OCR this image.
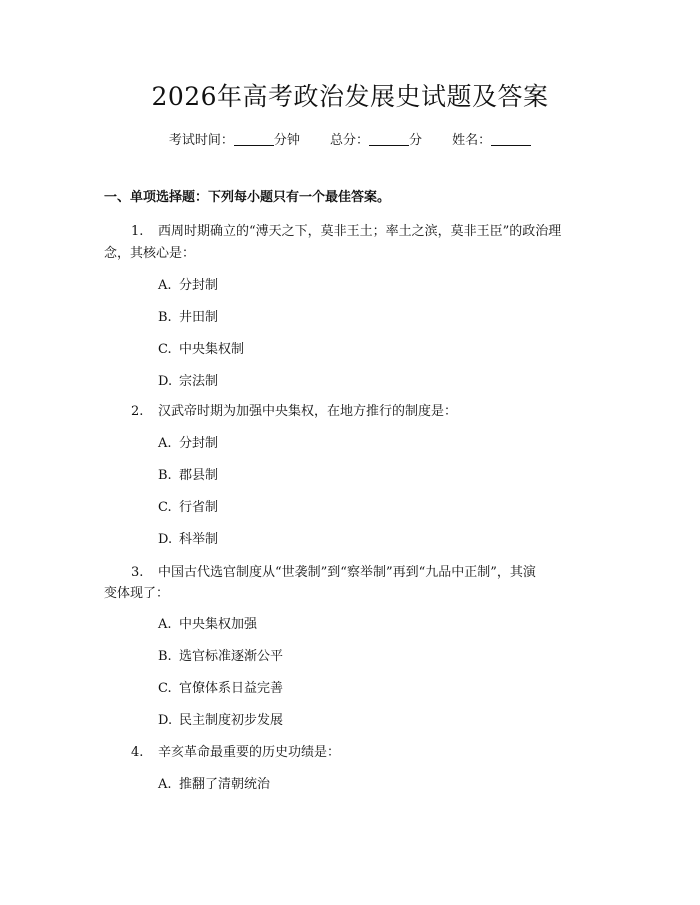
2026年高考政治发展史试题及答案
考试时间：	分钟 总分：	分 姓名：
一、单项选择题：下列每小题只有一个最佳答案。
1. 西周时期确立的“溥天之下，莫非王土；率土之滨，莫非王臣”的政治理
念，其核心是：
A. 分封制
B. 井田制
C. 中央集权制
D. 宗法制
2. 汉武帝时期为加强中央集权，在地方推行的制度是：
A. 分封制
B. 郡县制
C. 行省制
D. 科举制
3. 中国古代选官制度从“世袭制”到“察举制”再到“九品中正制”，其演
变体现了：
A. 中央集权加强
B. 选官标准逐渐公平
C. 官僚体系日益完善
D. 民主制度初步发展
4. 辛亥革命最重要的历史功绩是：
A. 推翻了清朝统治
